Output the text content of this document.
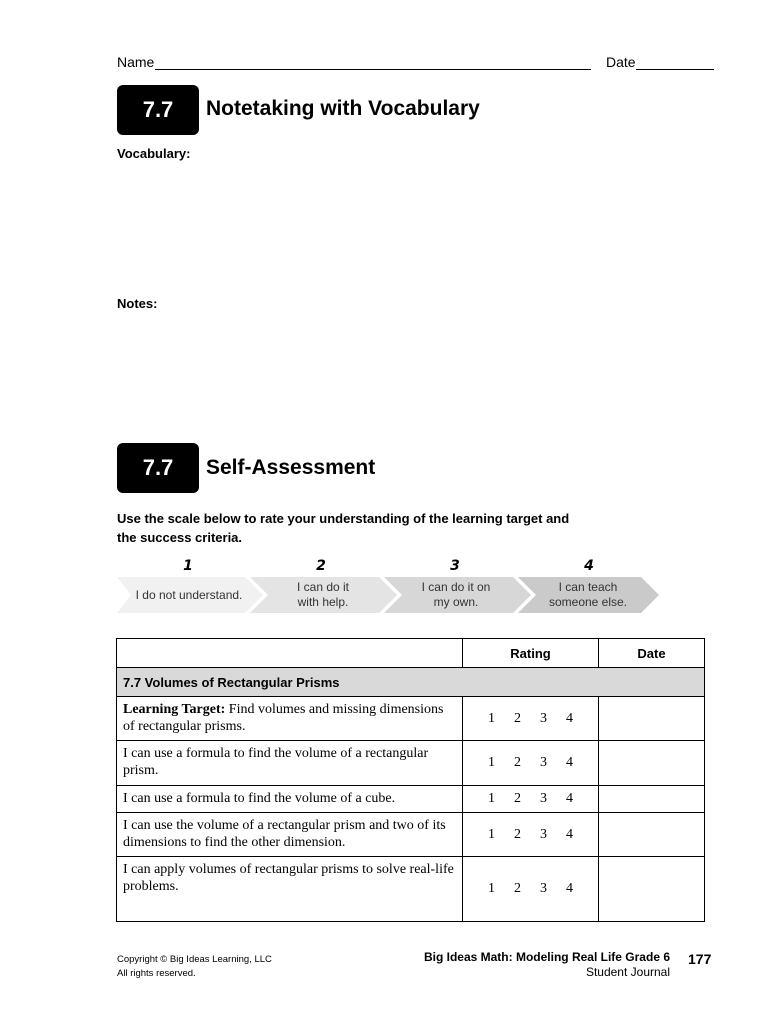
Name	Date
7.7	Notetaking with Vocabulary
Vocabulary:
Notes:
7.7	Self-Assessment
Use the scale below to rate your understanding of the learning target and
the success criteria.
1	2	3	4
I do not understand.
I can do it
with help.
I can do it on
my own.
I can teach
someone else.
	Rating	Date
7.7 Volumes of Rectangular Prisms		
Learning Target: Find volumes and missing dimensions of rectangular prisms.	1 2 3 4	
I can use a formula to find the volume of a rectangular prism.	1 2 3 4	
I can use a formula to find the volume of a cube.	1 2 3 4	
I can use the volume of a rectangular prism and two of its dimensions to find the other dimension.	1 2 3 4	
I can apply volumes of rectangular prisms to solve real-life problems.	1 2 3 4	
Copyright © Big Ideas Learning, LLC
All rights reserved.
Big Ideas Math: Modeling Real Life Grade 6
Student Journal
177
